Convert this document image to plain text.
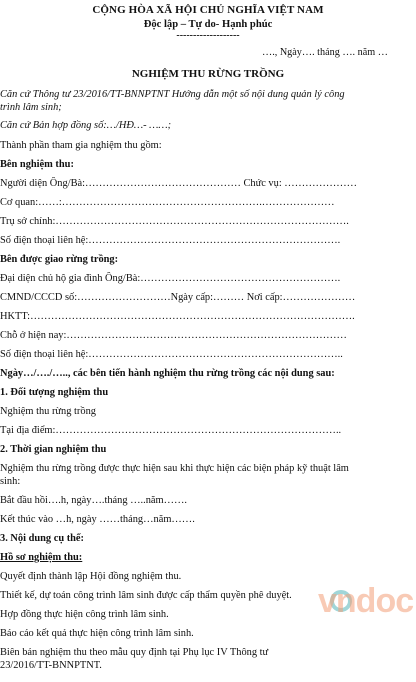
CỘNG HÒA XÃ HỘI CHỦ NGHĨA VIỆT NAM
Độc lập – Tự do- Hạnh phúc
-------------------
…., Ngày…. tháng …. năm …
NGHIỆM THU RỪNG TRỒNG
Căn cứ Thông tư 23/2016/TT-BNNPTNT Hướng dẫn một số nội dung quản lý công
trình lâm sinh;
Căn cứ Bản hợp đồng số:…/HĐ…- ……;
Thành phần tham gia nghiệm thu gồm:
Bên nghiệm thu:
Người diện Ông/Bà:……………………………………… Chức vụ: …………………
Cơ quan:……:………………………………………………….…………………
Trụ sở chính:………………………………………………………………………….
Số điện thoại liên hệ:……………………………………………………………….
Bên được giao rừng trồng:
Đại diện chủ hộ gia đình Ông/Bà:………………………………………………….
CMND/CCCD số:………………………Ngày cấp:……… Nơi cấp:…………………
HKTT:………………………………………………………………………………….
Chỗ ở hiện nay:………………………………………………………………………
Số điện thoại liên hệ:………………………………………………………………..
Ngày…/…./….., các bên tiến hành nghiệm thu rừng trồng các nội dung sau:
1. Đối tượng nghiệm thu
Nghiệm thu rừng trồng
Tại địa điểm:………………………………………………………………………..
2. Thời gian nghiệm thu
Nghiệm thu rừng trồng được thực hiện sau khi thực hiện các biện pháp kỹ thuật lâm
sinh:
Bắt đầu hồi….h, ngày….tháng …..năm…….
Kết thúc vào …h, ngày ……tháng…năm…….
3. Nội dung cụ thể:
Hồ sơ nghiệm thu:
Quyết định thành lập Hội đồng nghiệm thu.
Thiết kế, dự toán công trình lâm sinh được cấp thẩm quyền phê duyệt.
Hợp đồng thực hiện công trình lâm sinh.
Báo cáo kết quả thực hiện công trình lâm sinh.
Biên bản nghiệm thu theo mẫu quy định tại Phụ lục IV Thông tư
23/2016/TT-BNNPTNT.
vndoc
